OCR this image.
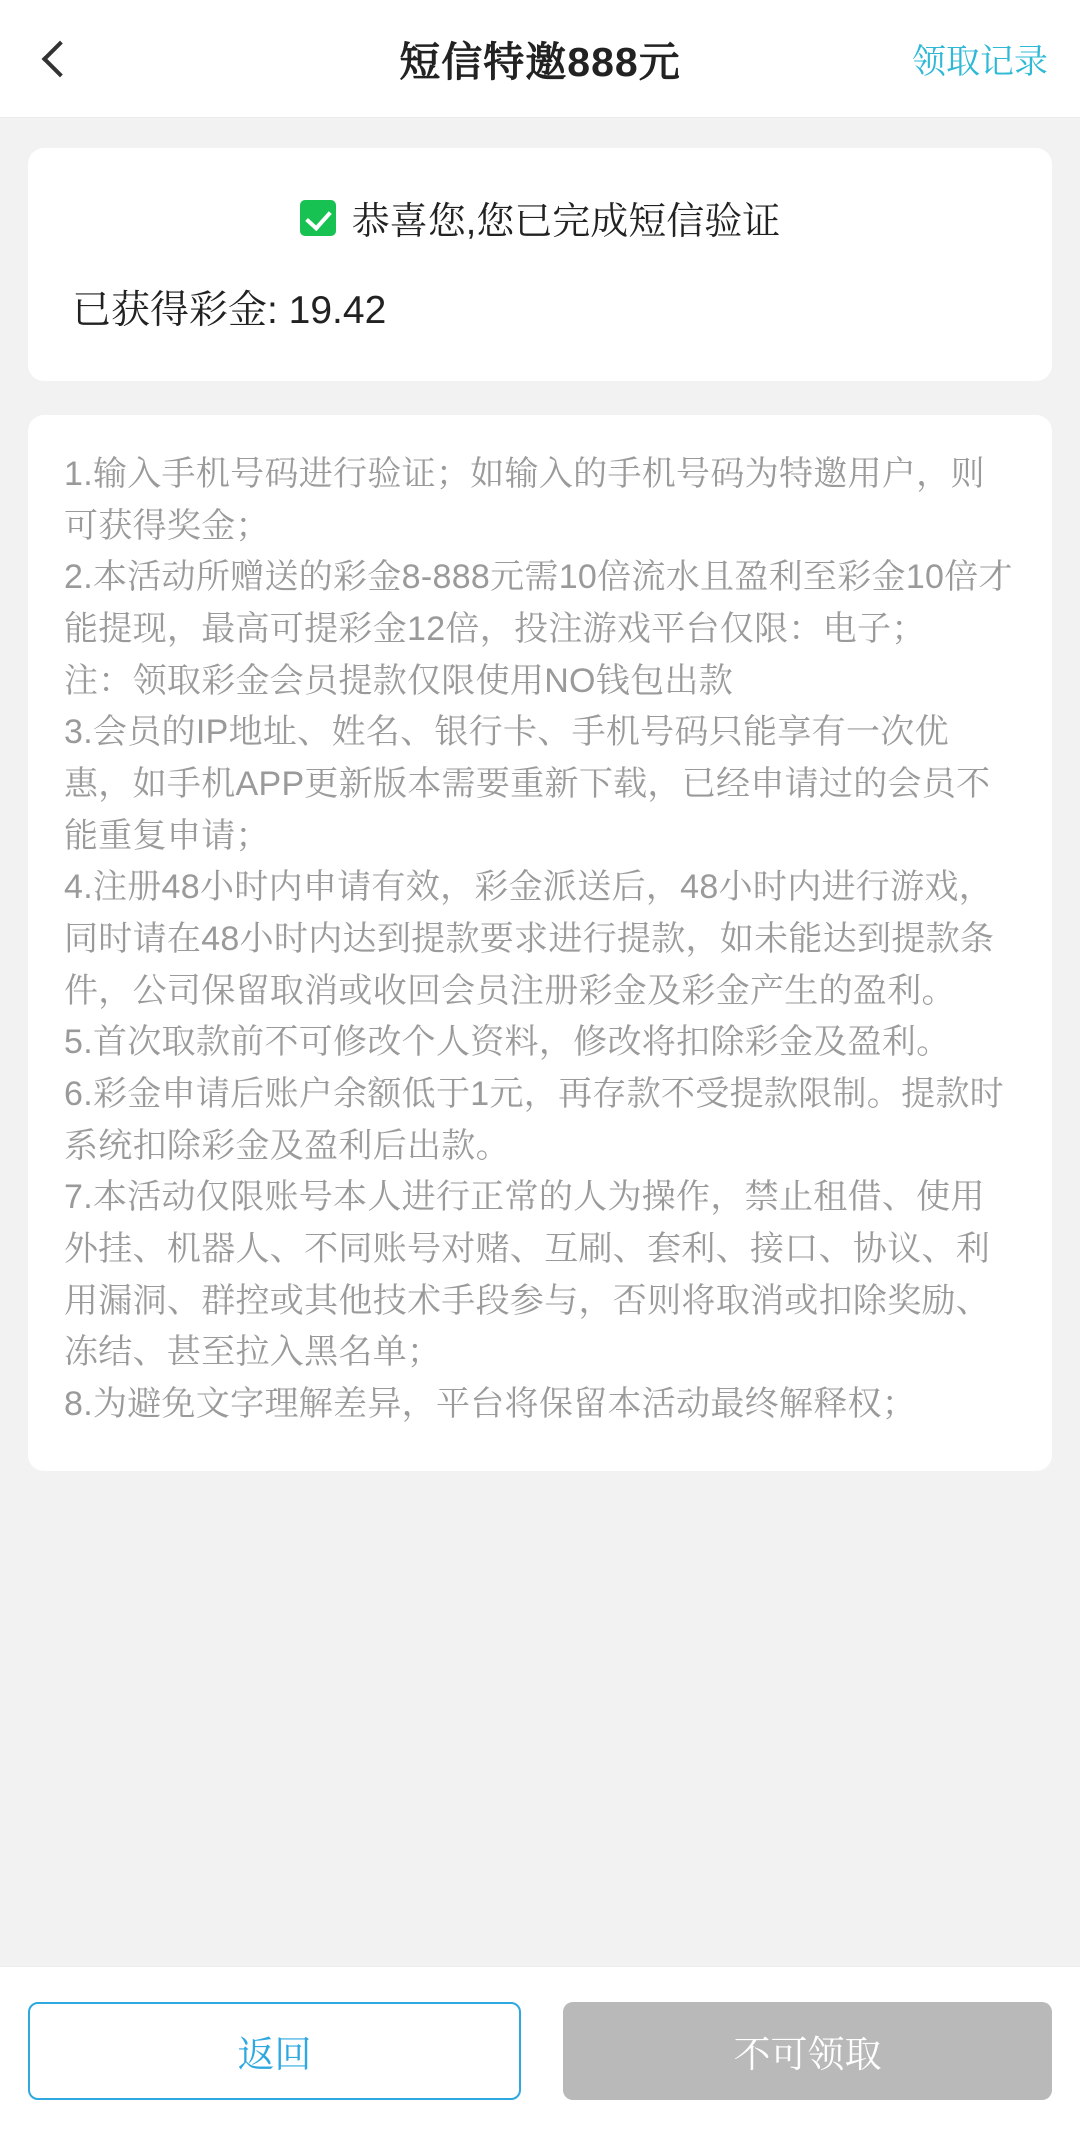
短信特邀888元	领取记录
恭喜您,您已完成短信验证
已获得彩金: 19.42
1.输入手机号码进行验证；如输入的手机号码为特邀用户，则可获得奖金；
2.本活动所赠送的彩金8-888元需10倍流水且盈利至彩金10倍才能提现，最高可提彩金12倍，投注游戏平台仅限：电子；
注：领取彩金会员提款仅限使用NO钱包出款
3.会员的IP地址、姓名、银行卡、手机号码只能享有一次优惠，如手机APP更新版本需要重新下载，已经申请过的会员不能重复申请；
4.注册48小时内申请有效，彩金派送后，48小时内进行游戏，同时请在48小时内达到提款要求进行提款，如未能达到提款条件，公司保留取消或收回会员注册彩金及彩金产生的盈利。
5.首次取款前不可修改个人资料，修改将扣除彩金及盈利。
6.彩金申请后账户余额低于1元，再存款不受提款限制。提款时系统扣除彩金及盈利后出款。
7.本活动仅限账号本人进行正常的人为操作，禁止租借、使用外挂、机器人、不同账号对赌、互刷、套利、接口、协议、利用漏洞、群控或其他技术手段参与，否则将取消或扣除奖励、冻结、甚至拉入黑名单；
8.为避免文字理解差异，平台将保留本活动最终解释权；
返回	不可领取
